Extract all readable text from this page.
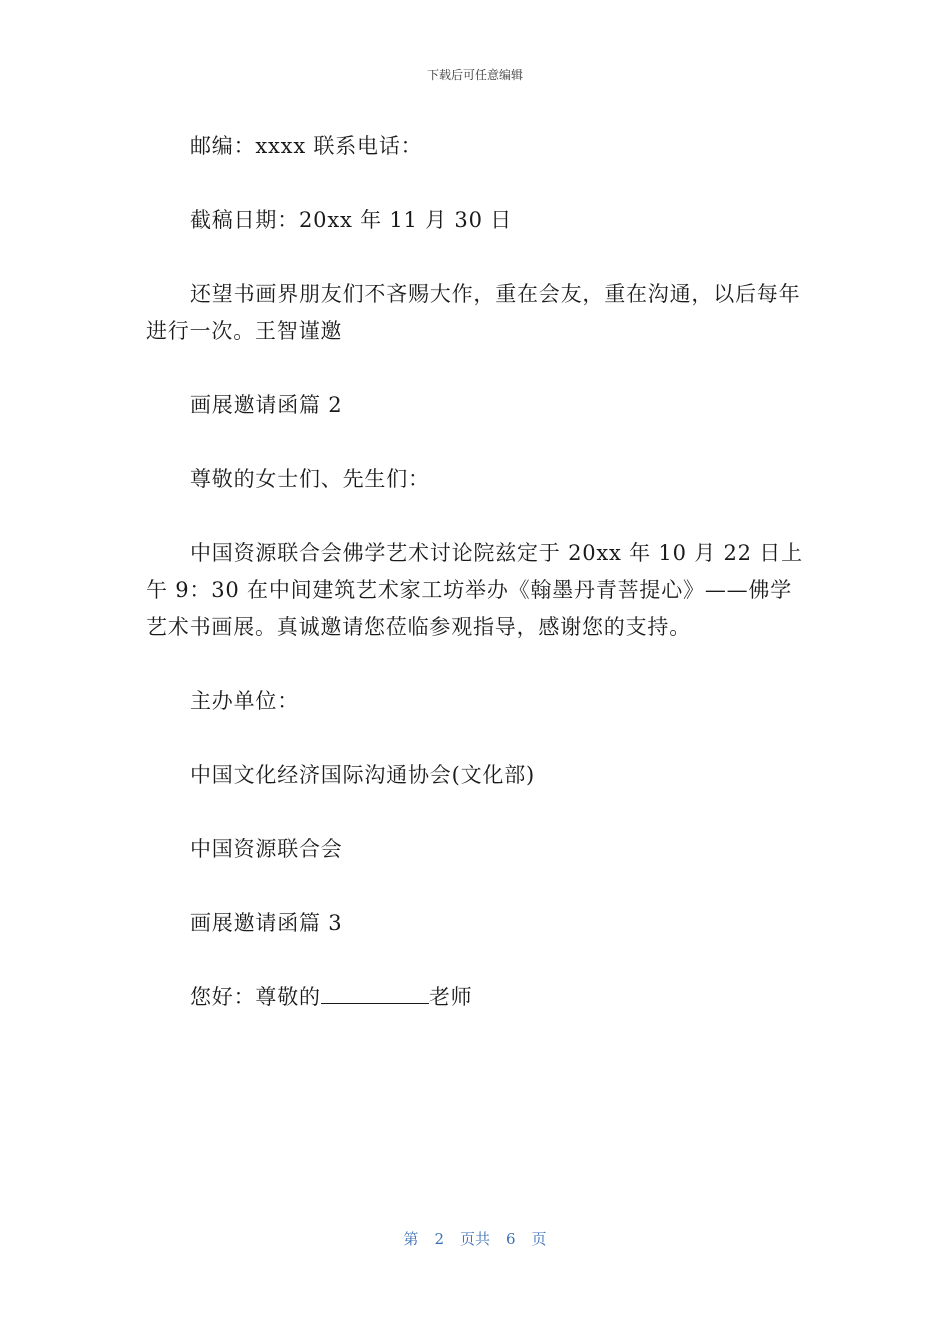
下载后可任意编辑

邮编：xxxx 联系电话：

截稿日期：20xx 年 11 月 30 日

还望书画界朋友们不吝赐大作，重在会友，重在沟通，以后每年进行一次。王智谨邀

画展邀请函篇 2

尊敬的女士们、先生们：

中国资源联合会佛学艺术讨论院兹定于 20xx 年 10 月 22 日上午 9：30 在中间建筑艺术家工坊举办《翰墨丹青菩提心》——佛学艺术书画展。真诚邀请您莅临参观指导，感谢您的支持。

主办单位：

中国文化经济国际沟通协会(文化部)

中国资源联合会

画展邀请函篇 3

您好：尊敬的	老师

第 2 页共 6 页
